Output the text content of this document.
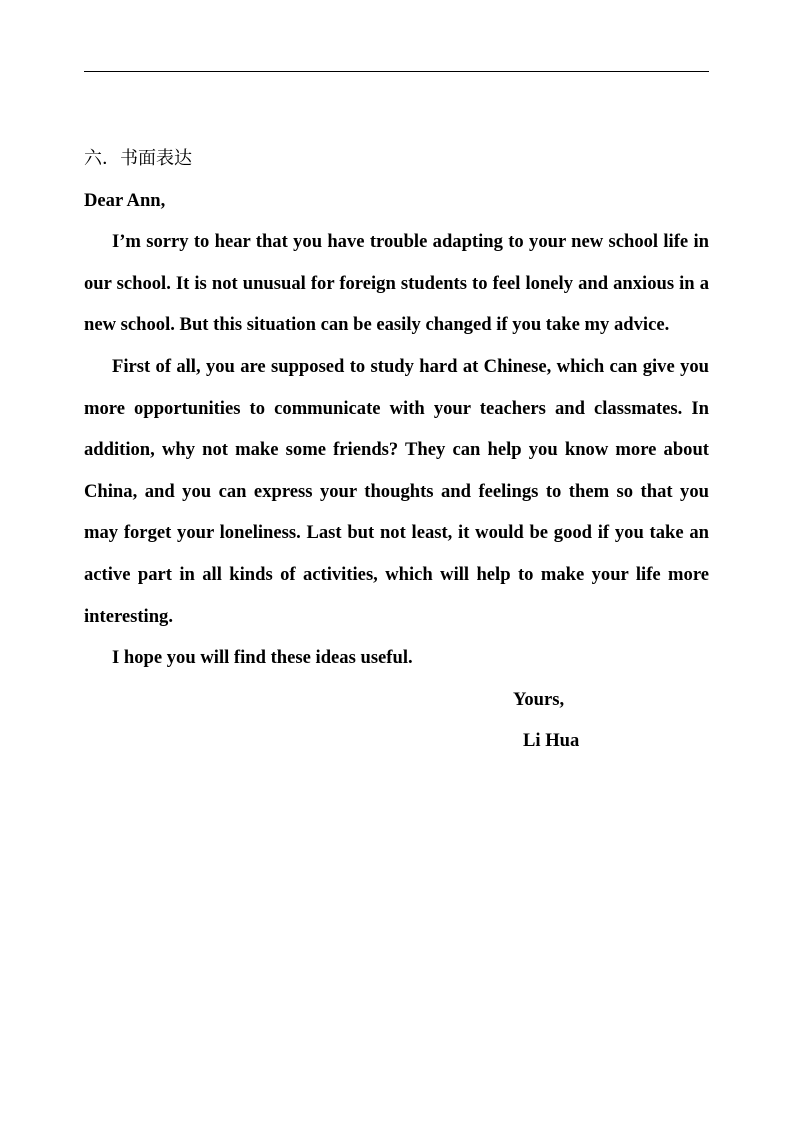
六．书面表达
Dear Ann,
I’m sorry to hear that you have trouble adapting to your new school life in
our school. It is not unusual for foreign students to feel lonely and anxious in a
new school. But this situation can be easily changed if you take my advice.
First of all, you are supposed to study hard at Chinese, which can give you
more opportunities to communicate with your teachers and classmates. In
addition, why not make some friends? They can help you know more about
China, and you can express your thoughts and feelings to them so that you
may forget your loneliness. Last but not least, it would be good if you take an
active part in all kinds of activities, which will help to make your life more
interesting.
I hope you will find these ideas useful.
Yours,
Li Hua
